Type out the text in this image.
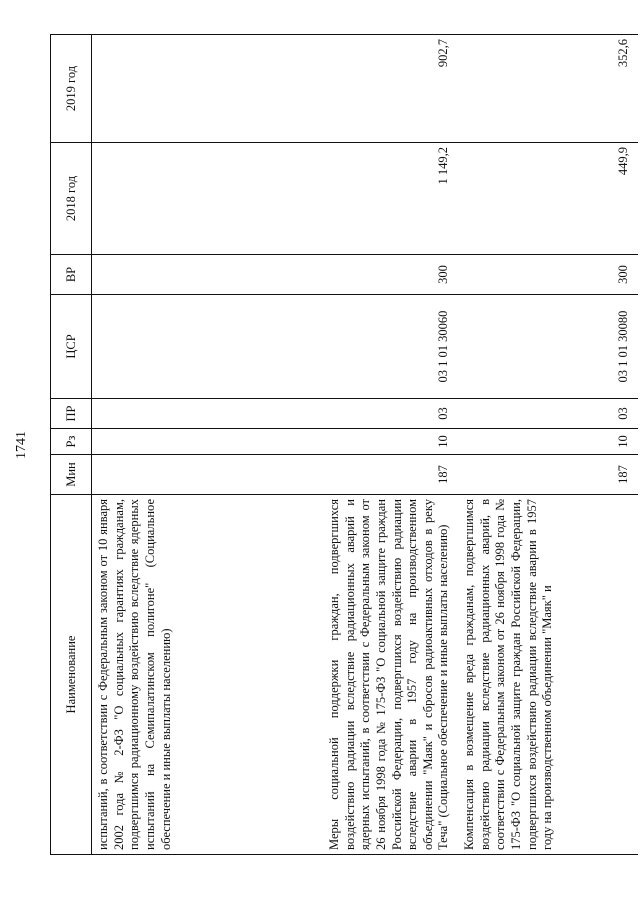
1741
Наименование	Мин	Рз	ПР	ЦСР	ВР	2018 год	2019 год
испытаний, в соответствии с Федеральным законом от 10 января 2002 года № 2-ФЗ "О социальных гарантиях гражданам, подвергшимся радиационному воздействию вследствие ядерных испытаний на Семипалатинском полигоне" (Социальное обеспечение и иные выплаты населению)							
Меры социальной поддержки граждан, подвергшихся воздействию радиации вследствие радиационных аварий и ядерных испытаний, в соответствии с Федеральным законом от 26 ноября 1998 года № 175-ФЗ "О социальной защите граждан Российской Федерации, подвергшихся воздействию радиации вследствие аварии в 1957 году на производственном объединении "Маяк" и сбросов радиоактивных отходов в реку Теча" (Социальное обеспечение и иные выплаты населению)	187	10	03	03 1 01 30060	300	1 149,2	902,7
Компенсация в возмещение вреда гражданам, подвергшимся воздействию радиации вследствие радиационных аварий, в соответствии с Федеральным законом от 26 ноября 1998 года № 175-ФЗ "О социальной защите граждан Российской Федерации, подвергшихся воздействию радиации вследствие аварии в 1957 году на производственном объединении "Маяк" и	187	10	03	03 1 01 30080	300	449,9	352,6
